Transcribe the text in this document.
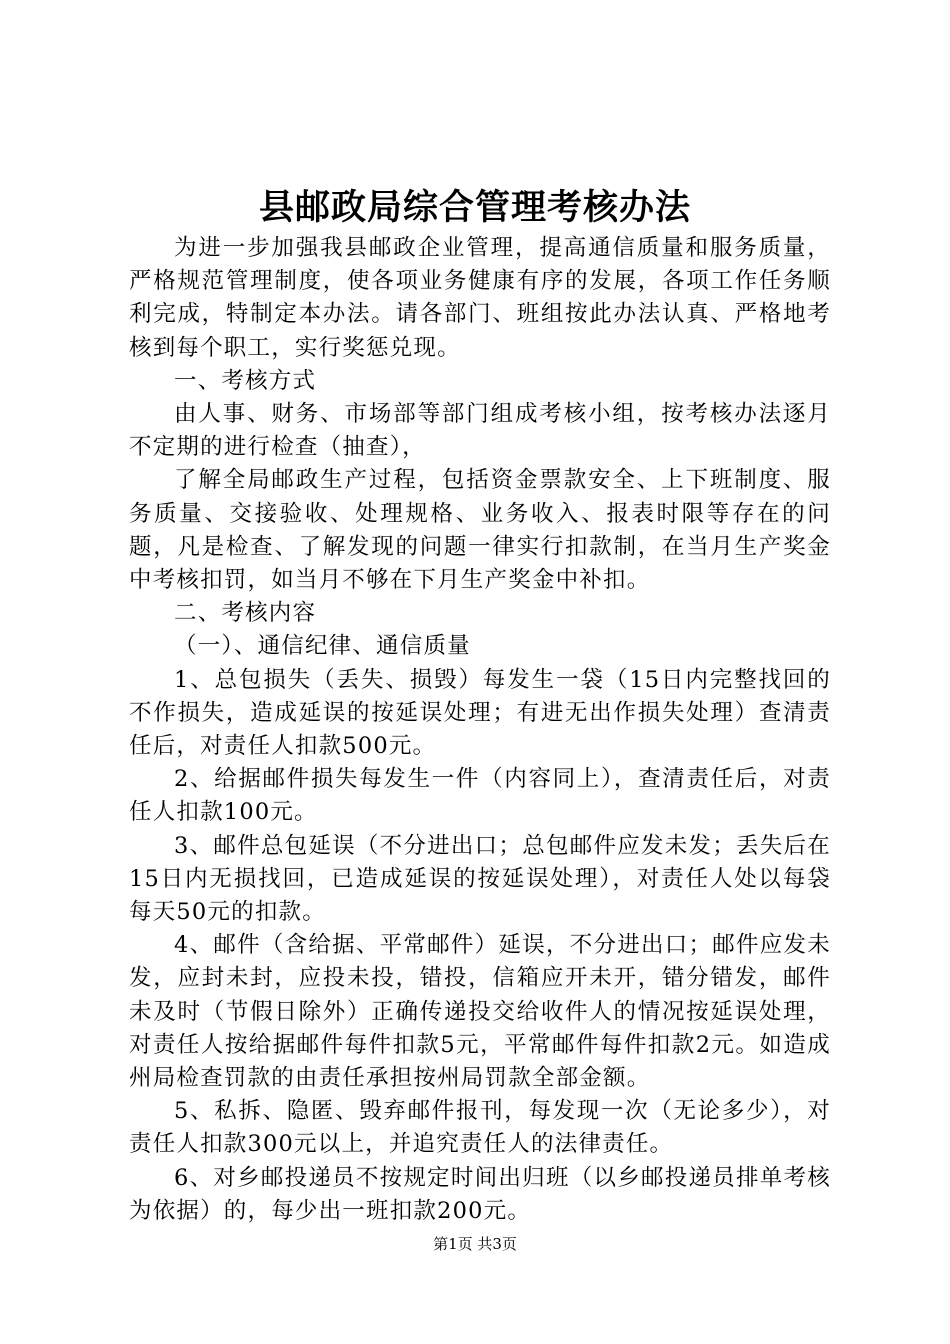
县邮政局综合管理考核办法

为进一步加强我县邮政企业管理，提高通信质量和服务质量，严格规范管理制度，使各项业务健康有序的发展，各项工作任务顺利完成，特制定本办法。请各部门、班组按此办法认真、严格地考核到每个职工，实行奖惩兑现。

一、考核方式

由人事、财务、市场部等部门组成考核小组，按考核办法逐月不定期的进行检查（抽查），

了解全局邮政生产过程，包括资金票款安全、上下班制度、服务质量、交接验收、处理规格、业务收入、报表时限等存在的问题，凡是检查、了解发现的问题一律实行扣款制，在当月生产奖金中考核扣罚，如当月不够在下月生产奖金中补扣。

二、考核内容

（一）、通信纪律、通信质量

1、总包损失（丢失、损毁）每发生一袋（15日内完整找回的不作损失，造成延误的按延误处理；有进无出作损失处理）查清责任后，对责任人扣款500元。

2、给据邮件损失每发生一件（内容同上），查清责任后，对责任人扣款100元。

3、邮件总包延误（不分进出口；总包邮件应发未发；丢失后在15日内无损找回，已造成延误的按延误处理），对责任人处以每袋每天50元的扣款。

4、邮件（含给据、平常邮件）延误，不分进出口；邮件应发未发，应封未封，应投未投，错投，信箱应开未开，错分错发，邮件未及时（节假日除外）正确传递投交给收件人的情况按延误处理，对责任人按给据邮件每件扣款5元，平常邮件每件扣款2元。如造成州局检查罚款的由责任承担按州局罚款全部金额。

5、私拆、隐匿、毁弃邮件报刊，每发现一次（无论多少），对责任人扣款300元以上，并追究责任人的法律责任。

6、对乡邮投递员不按规定时间出归班（以乡邮投递员排单考核为依据）的，每少出一班扣款200元。

第1页 共3页
